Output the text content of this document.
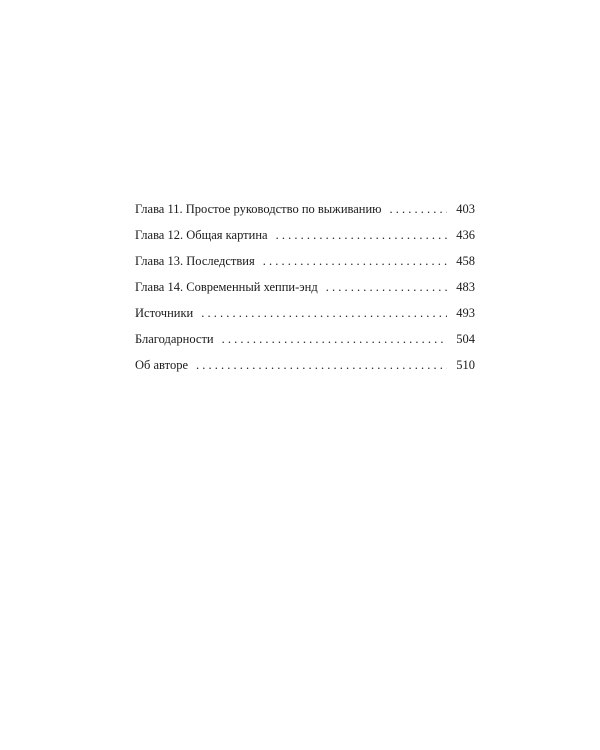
Глава 11. Простое руководство по выживанию . . .	403
Глава 12. Общая картина . . .	436
Глава 13. Последствия . . .	458
Глава 14. Современный хеппи-энд . . .	483
Источники . . .	493
Благодарности . . .	504
Об авторе . . .	510
